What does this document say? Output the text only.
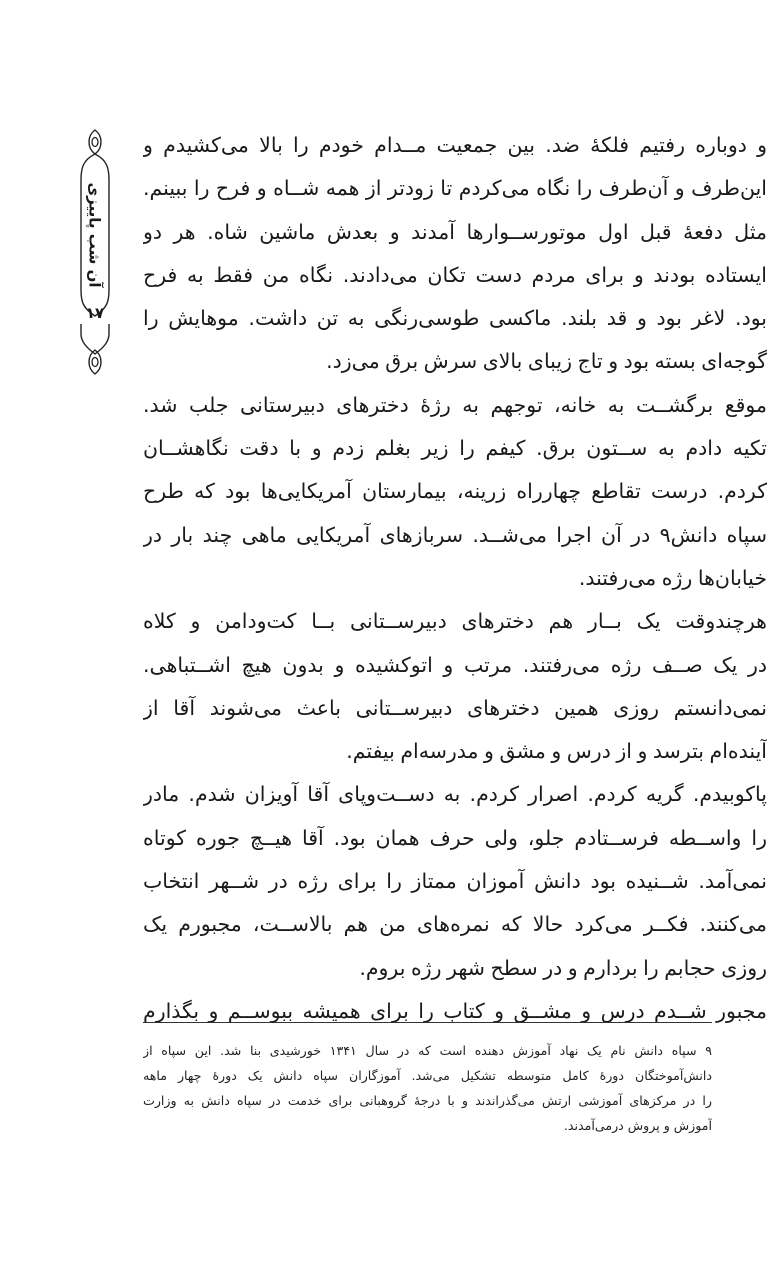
آن شب پاییزی
۱۷
و دوباره رفتیم فلکهٔ ضد. بین جمعیت مــدام خودم را بالا می‌کشیدم و
این‌طرف و آن‌طرف را نگاه می‌کردم تا زودتر از همه شــاه و فرح را ببینم.
مثل دفعهٔ قبل اول موتورســوارها آمدند و بعدش ماشین شاه. هر دو
ایستاده بودند و برای مردم دست تکان می‌دادند. نگاه من فقط به فرح
بود. لاغر بود و قد بلند. ماکسی طوسی‌رنگی به تن داشت. موهایش را
گوجه‌ای بسته بود و تاج زیبای بالای سرش برق می‌زد.
موقع برگشــت به خانه، توجهم به رژهٔ دخترهای دبیرستانی جلب شد.
تکیه دادم به ســتون برق. کیفم را زیر بغلم زدم و با دقت نگاهشــان
کردم. درست تقاطع چهارراه زرینه، بیمارستان آمریکایی‌ها بود که طرح
سپاه دانش۹ در آن اجرا می‌شــد. سربازهای آمریکایی ماهی چند بار در
خیابان‌ها رژه می‌رفتند.
هرچندوقت یک بــار هم دخترهای دبیرســتانی بــا کت‌ودامن و کلاه
در یک صــف رژه می‌رفتند. مرتب و اتوکشیده و بدون هیچ اشــتباهی.
نمی‌دانستم روزی همین دخترهای دبیرســتانی باعث می‌شوند آقا از
آینده‌ام بترسد و از درس و مشق و مدرسه‌ام بیفتم.
پاکوبیدم. گریه کردم. اصرار کردم. به دســت‌وپای آقا آویزان شدم. مادر
را واســطه فرســتادم جلو، ولی حرف همان بود. آقا هیــچ جوره کوتاه
نمی‌آمد. شــنیده بود دانش آموزان ممتاز را برای رژه در شــهر انتخاب
می‌کنند. فکــر می‌کرد حالا که نمره‌های من هم بالاســت، مجبورم یک
روزی حجابم را بردارم و در سطح شهر رژه بروم.
مجبور شــدم درس و مشــق و کتاب را برای همیشه ببوســم و بگذارم
۹ سپاه دانش نام یک نهاد آموزش دهنده است که در سال ۱۳۴۱ خورشیدی بنا شد. این سپاه از
دانش‌آموختگان دورهٔ کامل متوسطه تشکیل می‌شد. آموزگاران سپاه دانش یک دورهٔ چهار ماهه
را در مرکزهای آموزشی ارتش می‌گذراندند و با درجهٔ گروهبانی برای خدمت در سپاه دانش به وزارت
آموزش و پروش درمی‌آمدند.
